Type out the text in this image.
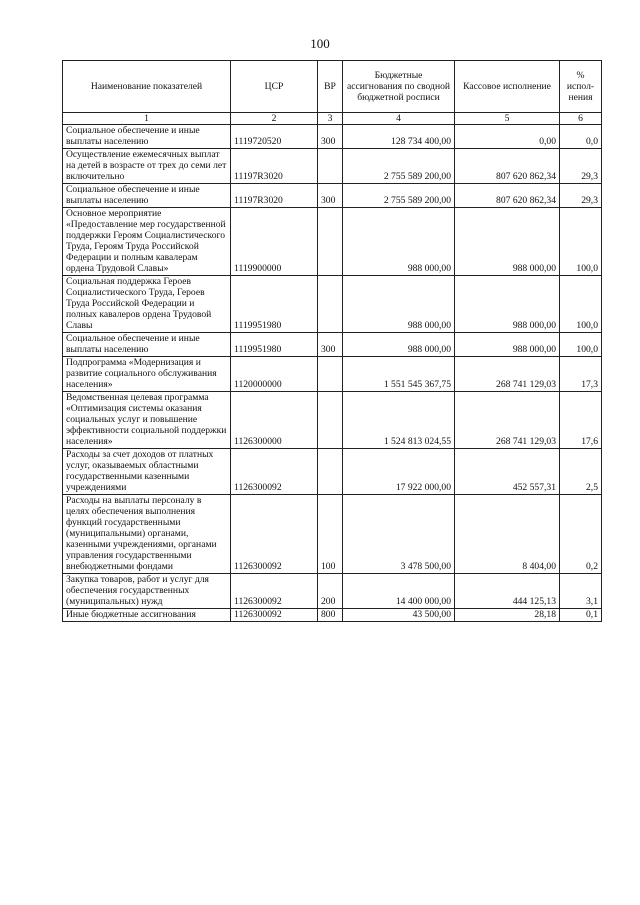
100
Наименование показателей	ЦСР	ВР	Бюджетные ассигнования по сводной бюджетной росписи	Кассовое исполнение	% испол-нения
1	2	3	4	5	6
Социальное обеспечение и иные выплаты населению	1119720520	300	128 734 400,00	0,00	0,0
Осуществление ежемесячных выплат на детей в возрасте от трех до семи лет включительно	11197R3020		2 755 589 200,00	807 620 862,34	29,3
Социальное обеспечение и иные выплаты населению	11197R3020	300	2 755 589 200,00	807 620 862,34	29,3
Основное мероприятие «Предоставление мер государственной поддержки Героям Социалистического Труда, Героям Труда Российской Федерации и полным кавалерам ордена Трудовой Славы»	1119900000		988 000,00	988 000,00	100,0
Социальная поддержка Героев Социалистического Труда, Героев Труда Российской Федерации и полных кавалеров ордена Трудовой Славы	1119951980		988 000,00	988 000,00	100,0
Социальное обеспечение и иные выплаты населению	1119951980	300	988 000,00	988 000,00	100,0
Подпрограмма «Модернизация и развитие социального обслуживания населения»	1120000000		1 551 545 367,75	268 741 129,03	17,3
Ведомственная целевая программа «Оптимизация системы оказания социальных услуг и повышение эффективности социальной поддержки населения»	1126300000		1 524 813 024,55	268 741 129,03	17,6
Расходы за счет доходов от платных услуг, оказываемых областными государственными казенными учреждениями	1126300092		17 922 000,00	452 557,31	2,5
Расходы на выплаты персоналу в целях обеспечения выполнения функций государственными (муниципальными) органами, казенными учреждениями, органами управления государственными внебюджетными фондами	1126300092	100	3 478 500,00	8 404,00	0,2
Закупка товаров, работ и услуг для обеспечения государственных (муниципальных) нужд	1126300092	200	14 400 000,00	444 125,13	3,1
Иные бюджетные ассигнования	1126300092	800	43 500,00	28,18	0,1
